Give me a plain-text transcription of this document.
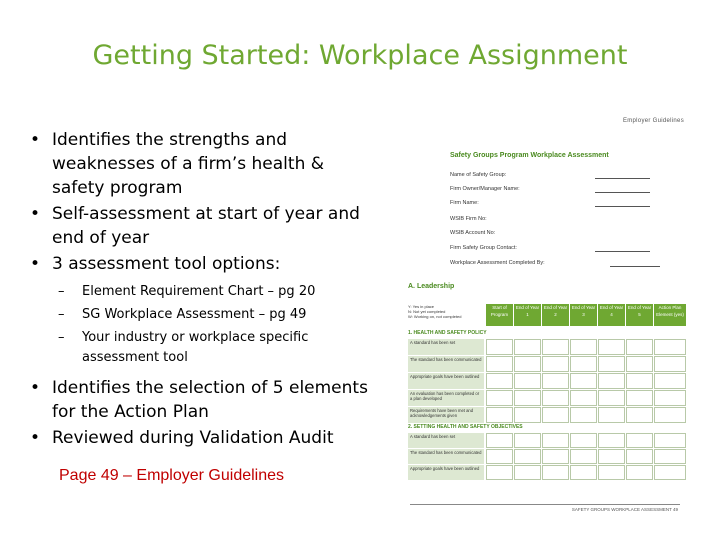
Getting Started: Workplace Assignment
• Identifies the strengths and weaknesses of a firm’s health & safety program
• Self-assessment at start of year and end of year
• 3 assessment tool options:
– Element Requirement Chart – pg 20
– SG Workplace Assessment – pg 49
– Your industry or workplace specific assessment tool
• Identifies the selection of 5 elements for the Action Plan
• Reviewed during Validation Audit
Page 49 – Employer Guidelines
Employer Guidelines
Safety Groups Program Workplace Assessment
Name of Safety Group:
Firm Owner/Manager Name:
Firm Name:
WSIB Firm No:
WSIB Account No:
Firm Safety Group Contact:
Workplace Assessment Completed By:
A. Leadership
Y: Yes in place
N: Not yet completed
W: Working on, not completed
Start of Program
End of Year 1
End of Year 2
End of Year 3
End of Year 4
End of Year 5
Action Plan Element (yes)
1. HEALTH AND SAFETY POLICY
A standard has been set
The standard has been communicated
Appropriate goals have been outlined
An evaluation has been completed or a plan developed
Requirements have been met and acknowledgements given
2. SETTING HEALTH AND SAFETY OBJECTIVES
A standard has been set
The standard has been communicated
Appropriate goals have been outlined
SAFETY GROUPS WORKPLACE ASSESSMENT 49
